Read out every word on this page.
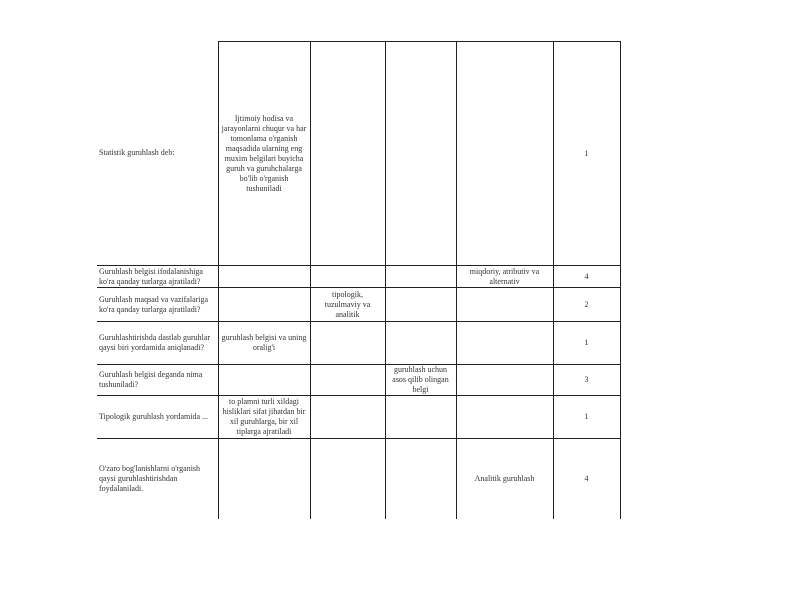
Statistik guruhlash deb:	Ijtimoiy hodisa va jarayonlarni chuqur va har tomonlama o'rganish maqsadida ularning eng muxim belgilari buyicha guruh va guruhchalarga bo'lib o'rganish tushuniladi				1
Guruhlash belgisi ifodalanishiga ko'ra qanday turlarga ajratiladi?				miqdoriy, atributiv va alternativ	4
Guruhlash maqsad va vazifalariga ko'ra qanday turlarga ajratiladi?		tipologik, tuzulmaviy va analitik			2
Guruhlashtirishda dastlab guruhlar qaysi biri yordamida aniqlanadi?	guruhlash belgisi va uning oralig'i				1
Guruhlash belgisi deganda nima tushuniladi?			guruhlash uchun asos qilib olingan belgi		3
Tipologik guruhlash yordamida ...	to plamni turli xildagi hisliklari sifat jihatdan bir xil guruhlarga, bir xil tiplarga ajratiladi				1
O'zaro bog'lanishlarni o'rganish qaysi guruhlashtirishdan foydalaniladi.				Analitik guruhlash	4
